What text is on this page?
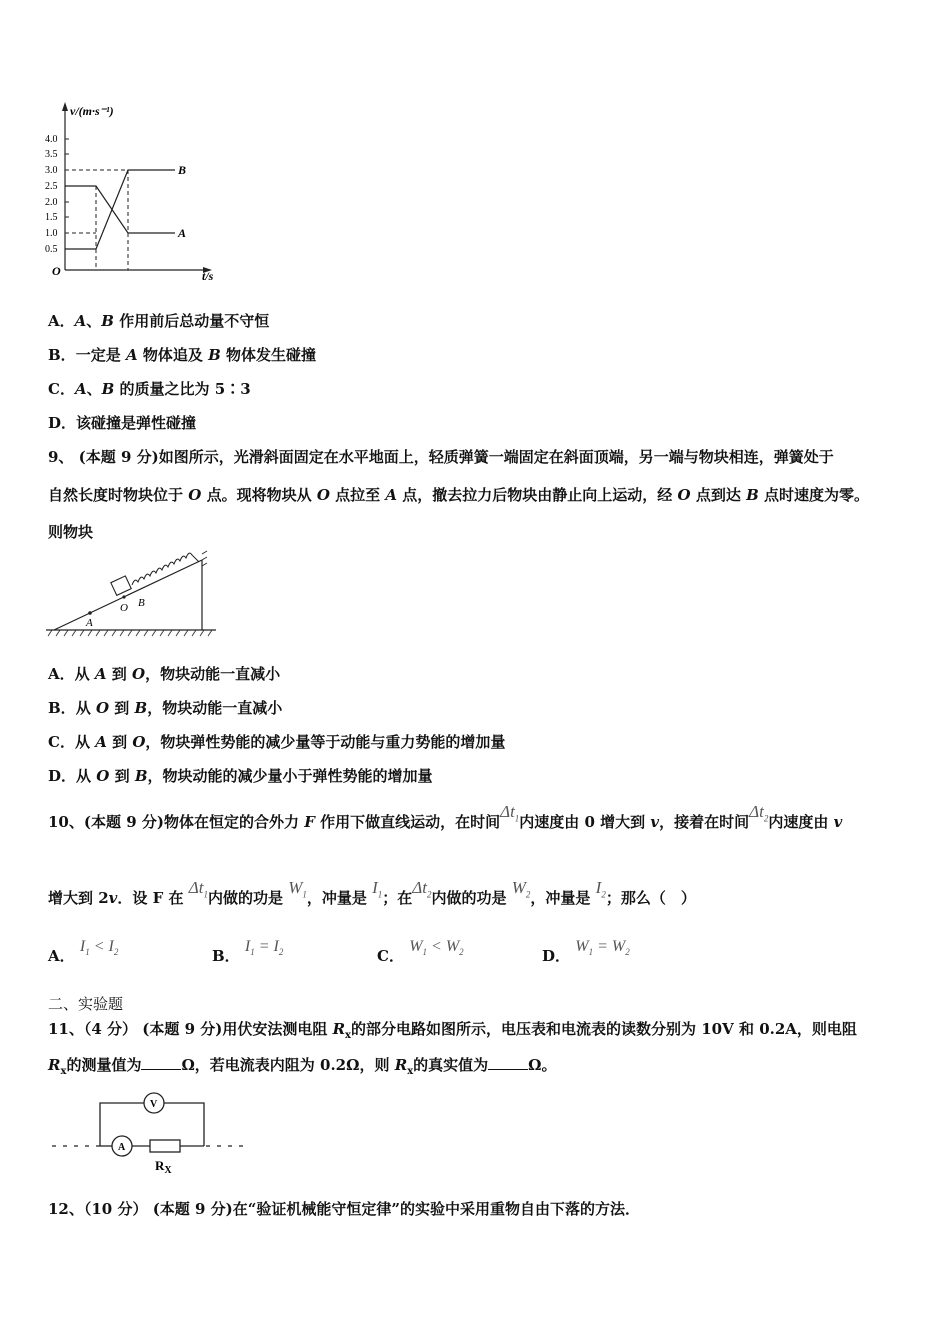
v/(m·s⁻¹)
t/s
O
4.0
3.5
3.0
2.5
2.0
1.5
1.0
0.5
B
A
A．A、B 作用前后总动量不守恒
B．一定是 A 物体追及 B 物体发生碰撞
C．A、B 的质量之比为 5∶3
D．该碰撞是弹性碰撞
9、 (本题 9 分)如图所示，光滑斜面固定在水平地面上，轻质弹簧一端固定在斜面顶端，另一端与物块相连，弹簧处于
自然长度时物块位于 O 点。现将物块从 O 点拉至 A 点，撤去拉力后物块由静止向上运动，经 O 点到达 B 点时速度为零。
则物块
A
O B
A．从 A 到 O，物块动能一直减小
B．从 O 到 B，物块动能一直减小
C．从 A 到 O，物块弹性势能的减少量等于动能与重力势能的增加量
D．从 O 到 B，物块动能的减少量小于弹性势能的增加量
10、(本题 9 分)物体在恒定的合外力 F 作用下做直线运动，在时间$\Delta t_1$内速度由 0 增大到 v，接着在时间$\Delta t_2$内速度由 v
增大到 2v．设 F 在 $\Delta t_1$内做的功是 $W_1$，冲量是 $I_1$；在$\Delta t_2$内做的功是 $W_2$，冲量是 $I_2$；那么（　）
A． $I_1 < I_2$	B． $I_1 = I_2$	C． $W_1 < W_2$	D． $W_1 = W_2$
二、实验题
11、（4 分） (本题 9 分)用伏安法测电阻 $R_x$的部分电路如图所示，电压表和电流表的读数分别为 10V 和 0.2A，则电阻
$R_x$的测量值为	Ω，若电流表内阻为 0.2Ω，则 $R_x$的真实值为	Ω。
V
A
$R_X$
12、（10 分） (本题 9 分)在“验证机械能守恒定律”的实验中采用重物自由下落的方法．
